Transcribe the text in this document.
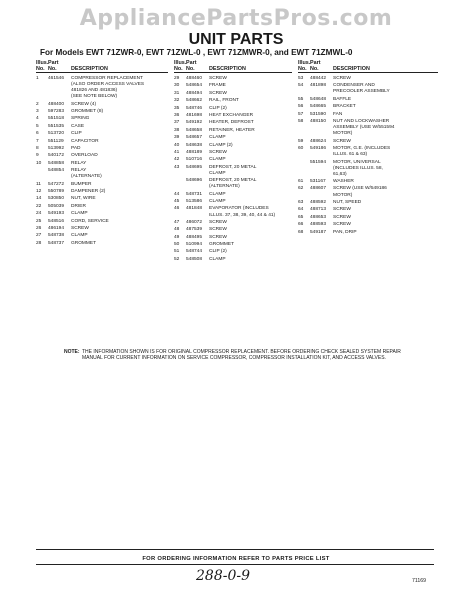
AppliancePartsPros.com
UNIT PARTS
For Models EWT 71ZWR-0, EWT 71ZWL-0 , EWT 71ZMWR-0, and EWT 71ZMWL-0
Illus. Part
No. No.	DESCRIPTION
1	461546	COMPRESSOR REPLACEMENT
(ALSO ORDER ACCESS VALVES
481826 AND 481836)
(SEE NOTE BELOW)
2	488400	SCREW (4)
3	597283	GROMMET (8)
4	551518	SPRING
5	551535	CASE
6	513720	CLIP
7	551129	CAPACITOR
8	513992	PAD
9	540172	OVERLOAD
10	548858	RELAY
548854	RELAY
(ALTERNATE)
11	547272	BUMPER
12	550789	DAMPENER (2)
14	530850	NUT, WIRE
22	505039	DRIER
24	549193	CLAMP
25	548516	CORD, SERVICE
26	486194	SCREW
27	548738	CLAMP
28	548737	GROMMET
Illus. Part
No. No.	DESCRIPTION
29	488460	SCREW
30	548654	FRAME
31	488494	SCREW
32	548662	RAIL, FRONT
35	548746	CLIP (2)
36	481698	HEAT EXCHANGER
37	549192	HEATER, DEFROST
38	548658	RETAINER, HEATER
39	548657	CLAMP
40	548638	CLAMP (2)
41	488189	SCREW
42	510716	CLAMP
43	548695	DEFROST, 20 METAL
CLAMP
548696	DEFROST, 20 METAL
(ALTERNATE)
44	548731	CLAMP
45	513586	CLAMP
46	481848	EVAPORATOR (INCLUDES
ILLUS. 37, 38, 39, 40, 44 & 41)
47	486072	SCREW
48	487539	SCREW
49	488495	SCREW
50	510994	GROMMET
51	548744	CLIP (2)
52	548508	CLAMP
Illus. Part
No. No.	DESCRIPTION
53	488442	SCREW
54	481898	CONDENSER AND
PRECOOLER ASSEMBLY
55	548648	BAFFLE
56	548665	BRACKET
57	531590	FAN
58	488150	NUT AND LOCKWASHER
ASSEMBLY (USE W/551594
MOTOR)
59	488624	SCREW
60	549186	MOTOR, G.E. (INCLUDES
ILLUS. 61 & 63)
551594	MOTOR, UNIVERSAL
(INCLUDES ILLUS. 58,
61,63)
61	531167	WASHER
62	488607	SCREW (USE W/549186
MOTOR)
63	488592	NUT, SPEED
64	488713	SCREW
65	488653	SCREW
66	488593	SCREW
68	549187	PAN, DRIP
NOTE: THE INFORMATION SHOWN IS FOR ORIGINAL COMPRESSOR REPLACEMENT. BEFORE ORDERING CHECK SEALED SYSTEM REPAIR MANUAL FOR CURRENT INFORMATION ON SERVICE COMPRESSOR, COMPRESSOR INSTALLATION KIT, AND ACCESS VALVES.
FOR ORDERING INFORMATION REFER TO PARTS PRICE LIST
288-0-9	71169
